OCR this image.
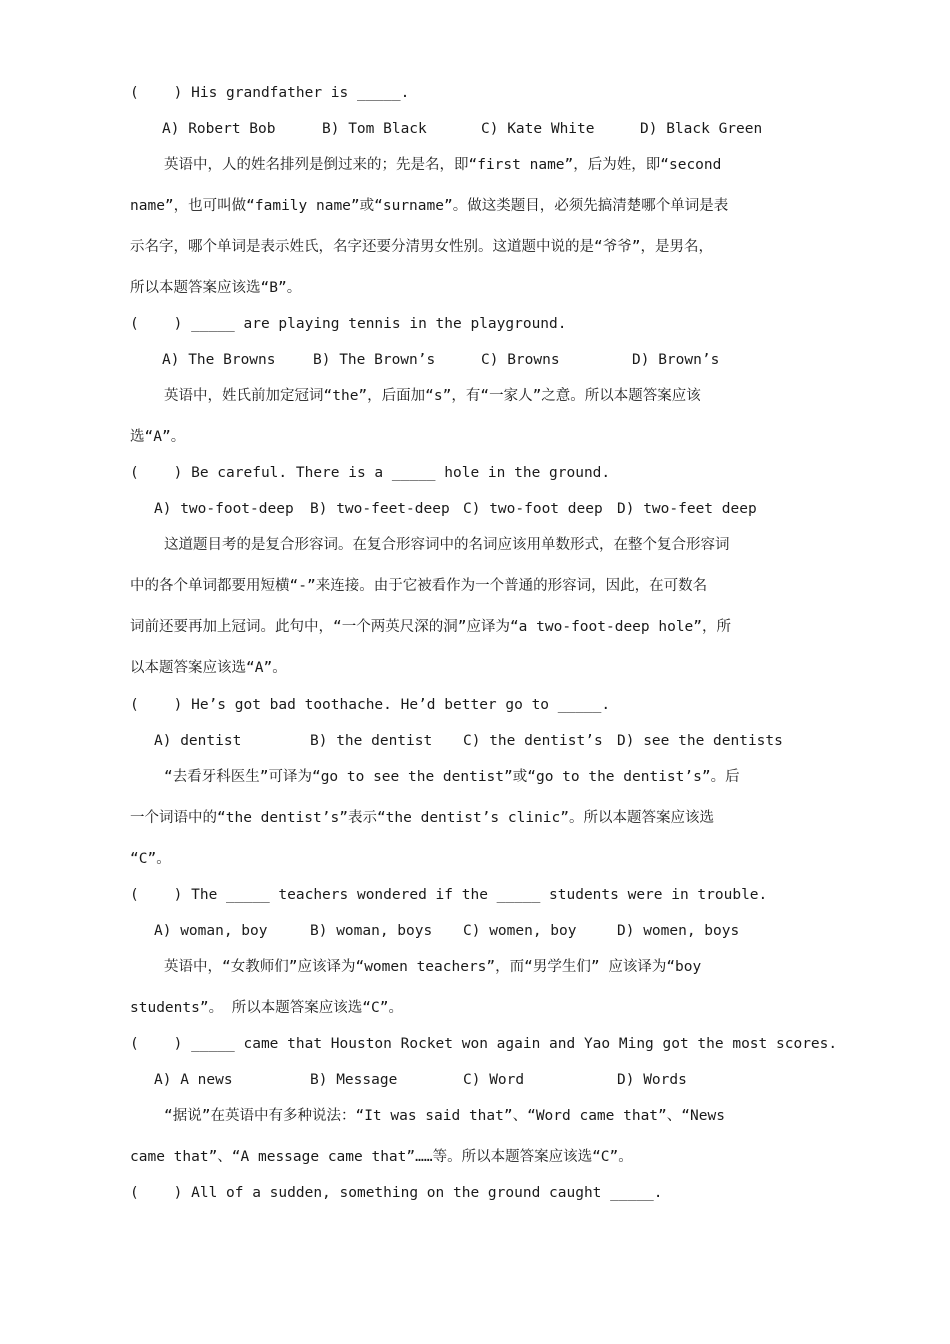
(    ) His grandfather is _____.
A) Robert Bob	B) Tom Black	C) Kate White	D) Black Green
英语中，人的姓名排列是倒过来的；先是名，即“first name”，后为姓，即“second
name”，也可叫做“family name”或“surname”。做这类题目，必须先搞清楚哪个单词是表
示名字，哪个单词是表示姓氏，名字还要分清男女性别。这道题中说的是“爷爷”，是男名，
所以本题答案应该选“B”。
(    ) _____ are playing tennis in the playground.
A) The Browns	B) The Brown’s	C) Browns	D) Brown’s
英语中，姓氏前加定冠词“the”，后面加“s”，有“一家人”之意。所以本题答案应该
选“A”。
(    ) Be careful. There is a _____ hole in the ground.
A) two-foot-deep B) two-feet-deep C) two-foot deep D) two-feet deep
这道题目考的是复合形容词。在复合形容词中的名词应该用单数形式，在整个复合形容词
中的各个单词都要用短横“-”来连接。由于它被看作为一个普通的形容词，因此，在可数名
词前还要再加上冠词。此句中，“一个两英尺深的洞”应译为“a two-foot-deep hole”，所
以本题答案应该选“A”。
(    ) He’s got bad toothache. He’d better go to _____.
A) dentist	B) the dentist C) the dentist’s D) see the dentists
“去看牙科医生”可译为“go to see the dentist”或“go to the dentist’s”。后
一个词语中的“the dentist’s”表示“the dentist’s clinic”。所以本题答案应该选
“C”。
(    ) The _____ teachers wondered if the _____ students were in trouble.
A) woman, boy	B) woman, boys C) women, boy	D) women, boys
英语中，“女教师们”应该译为“women teachers”，而“男学生们” 应该译为“boy
students”。 所以本题答案应该选“C”。
(    ) _____ came that Houston Rocket won again and Yao Ming got the most scores.
A) A news	B) Message	C) Word	D) Words
“据说”在英语中有多种说法：“It was said that”、“Word came that”、“News
came that”、“A message came that”……等。所以本题答案应该选“C”。
(    ) All of a sudden, something on the ground caught _____.
